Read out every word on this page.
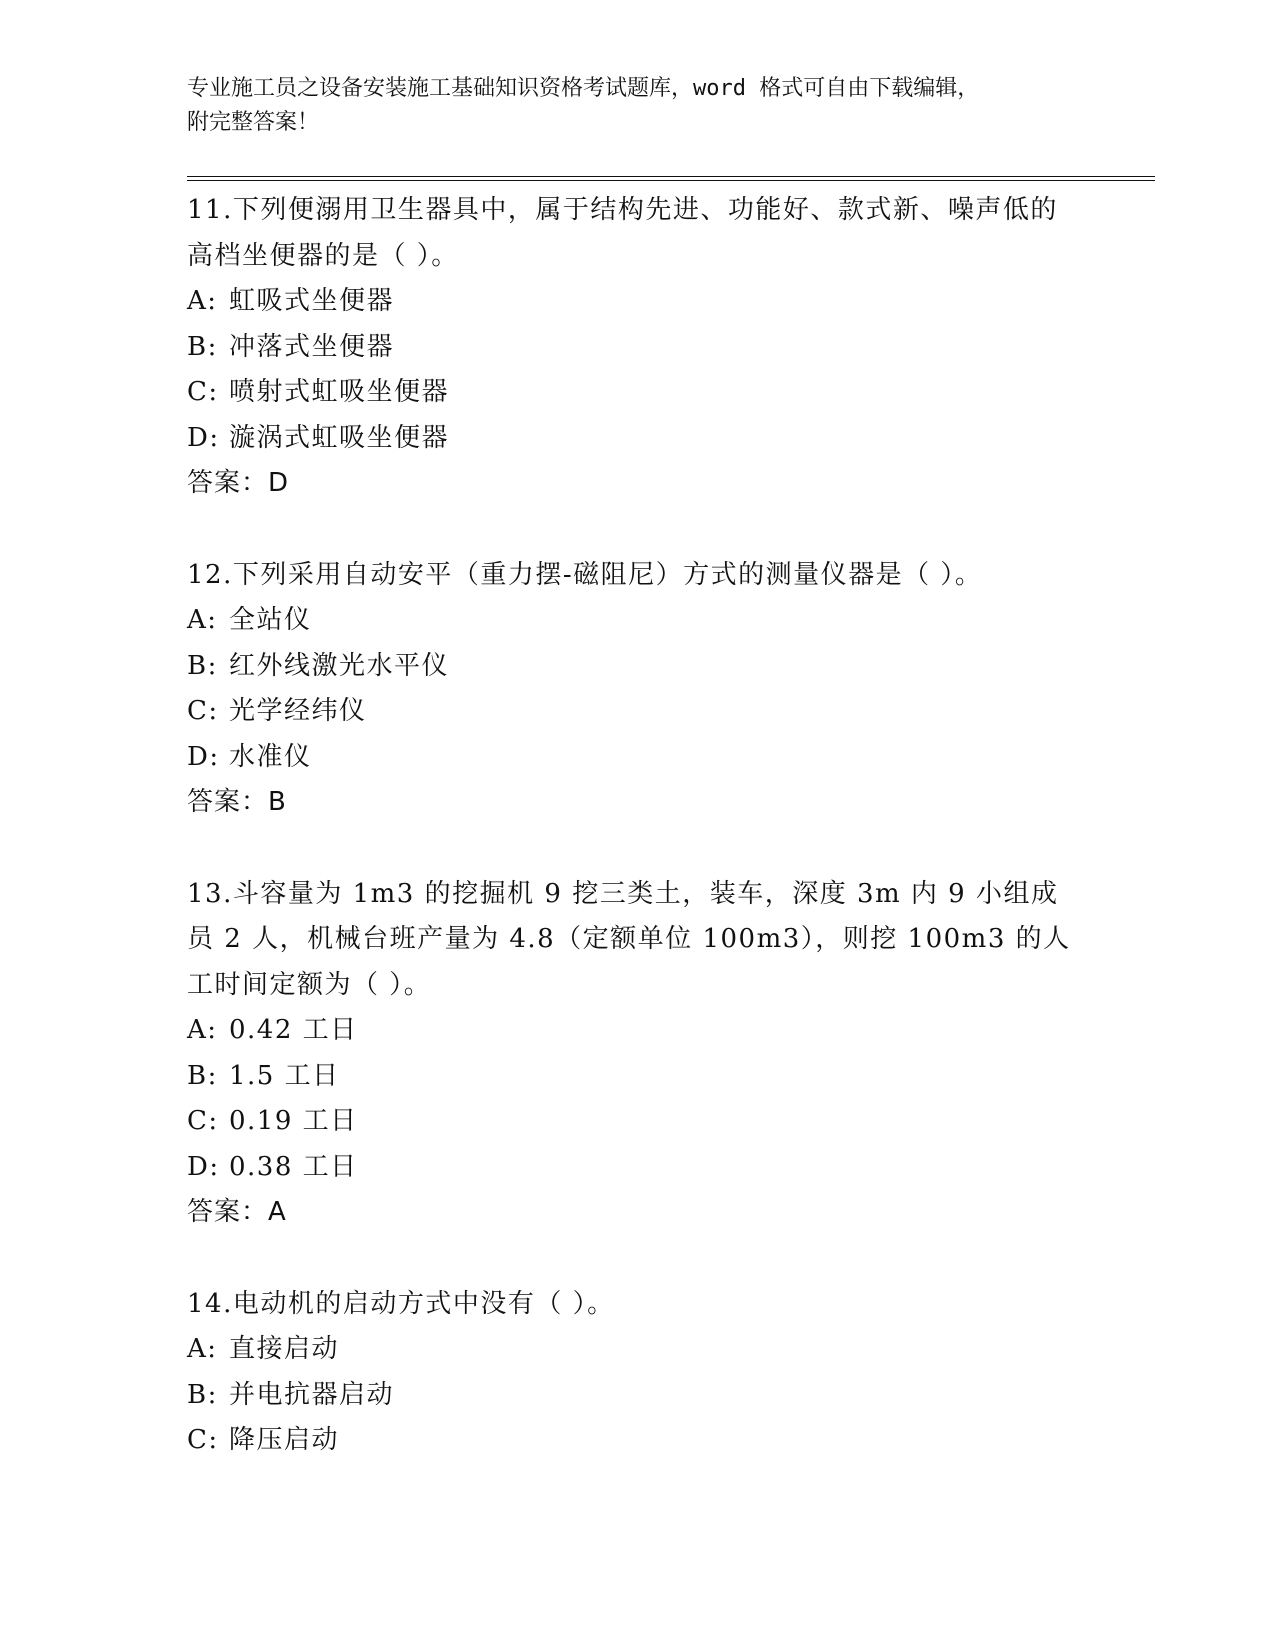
专业施工员之设备安装施工基础知识资格考试题库，word 格式可自由下载编辑，
附完整答案！
11.下列便溺用卫生器具中，属于结构先进、功能好、款式新、噪声低的高档坐便器的是（ ）。
A: 虹吸式坐便器
B: 冲落式坐便器
C: 喷射式虹吸坐便器
D: 漩涡式虹吸坐便器
答案：D
12.下列采用自动安平（重力摆-磁阻尼）方式的测量仪器是（ ）。
A: 全站仪
B: 红外线激光水平仪
C: 光学经纬仪
D: 水准仪
答案：B
13.斗容量为 1m3 的挖掘机 9 挖三类土，装车，深度 3m 内 9 小组成员 2 人，机械台班产量为 4.8（定额单位 100m3），则挖 100m3 的人工时间定额为（ ）。
A: 0.42 工日
B: 1.5 工日
C: 0.19 工日
D: 0.38 工日
答案：A
14.电动机的启动方式中没有（ ）。
A: 直接启动
B: 并电抗器启动
C: 降压启动
